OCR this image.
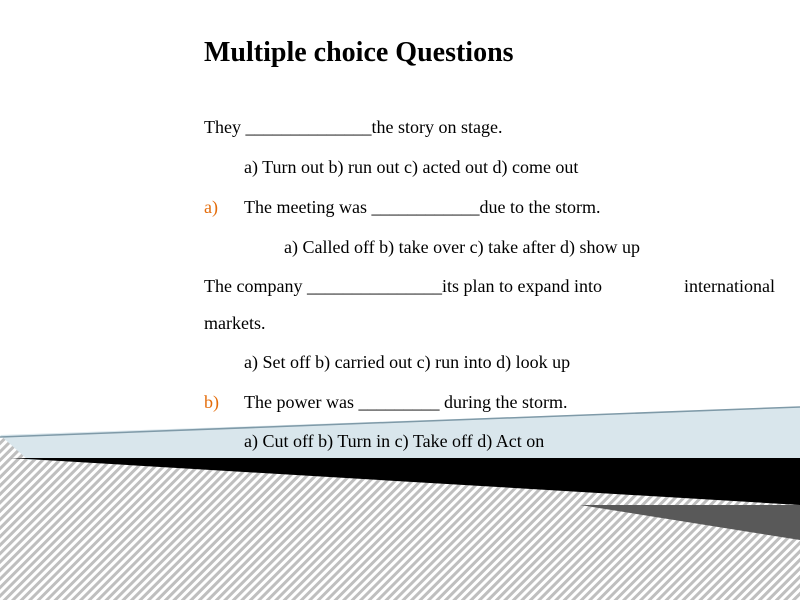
Multiple choice Questions
They ______________the story on stage.
a) Turn out b) run out c) acted out d) come out
a) The meeting was ____________due to the storm.
a) Called off b) take over c) take after d) show up
The company _______________its plan to expand into	international
markets.
a) Set off b) carried out c) run into d) look up
b) The power was _________ during the storm.
a) Cut off b) Turn in c) Take off d) Act on
